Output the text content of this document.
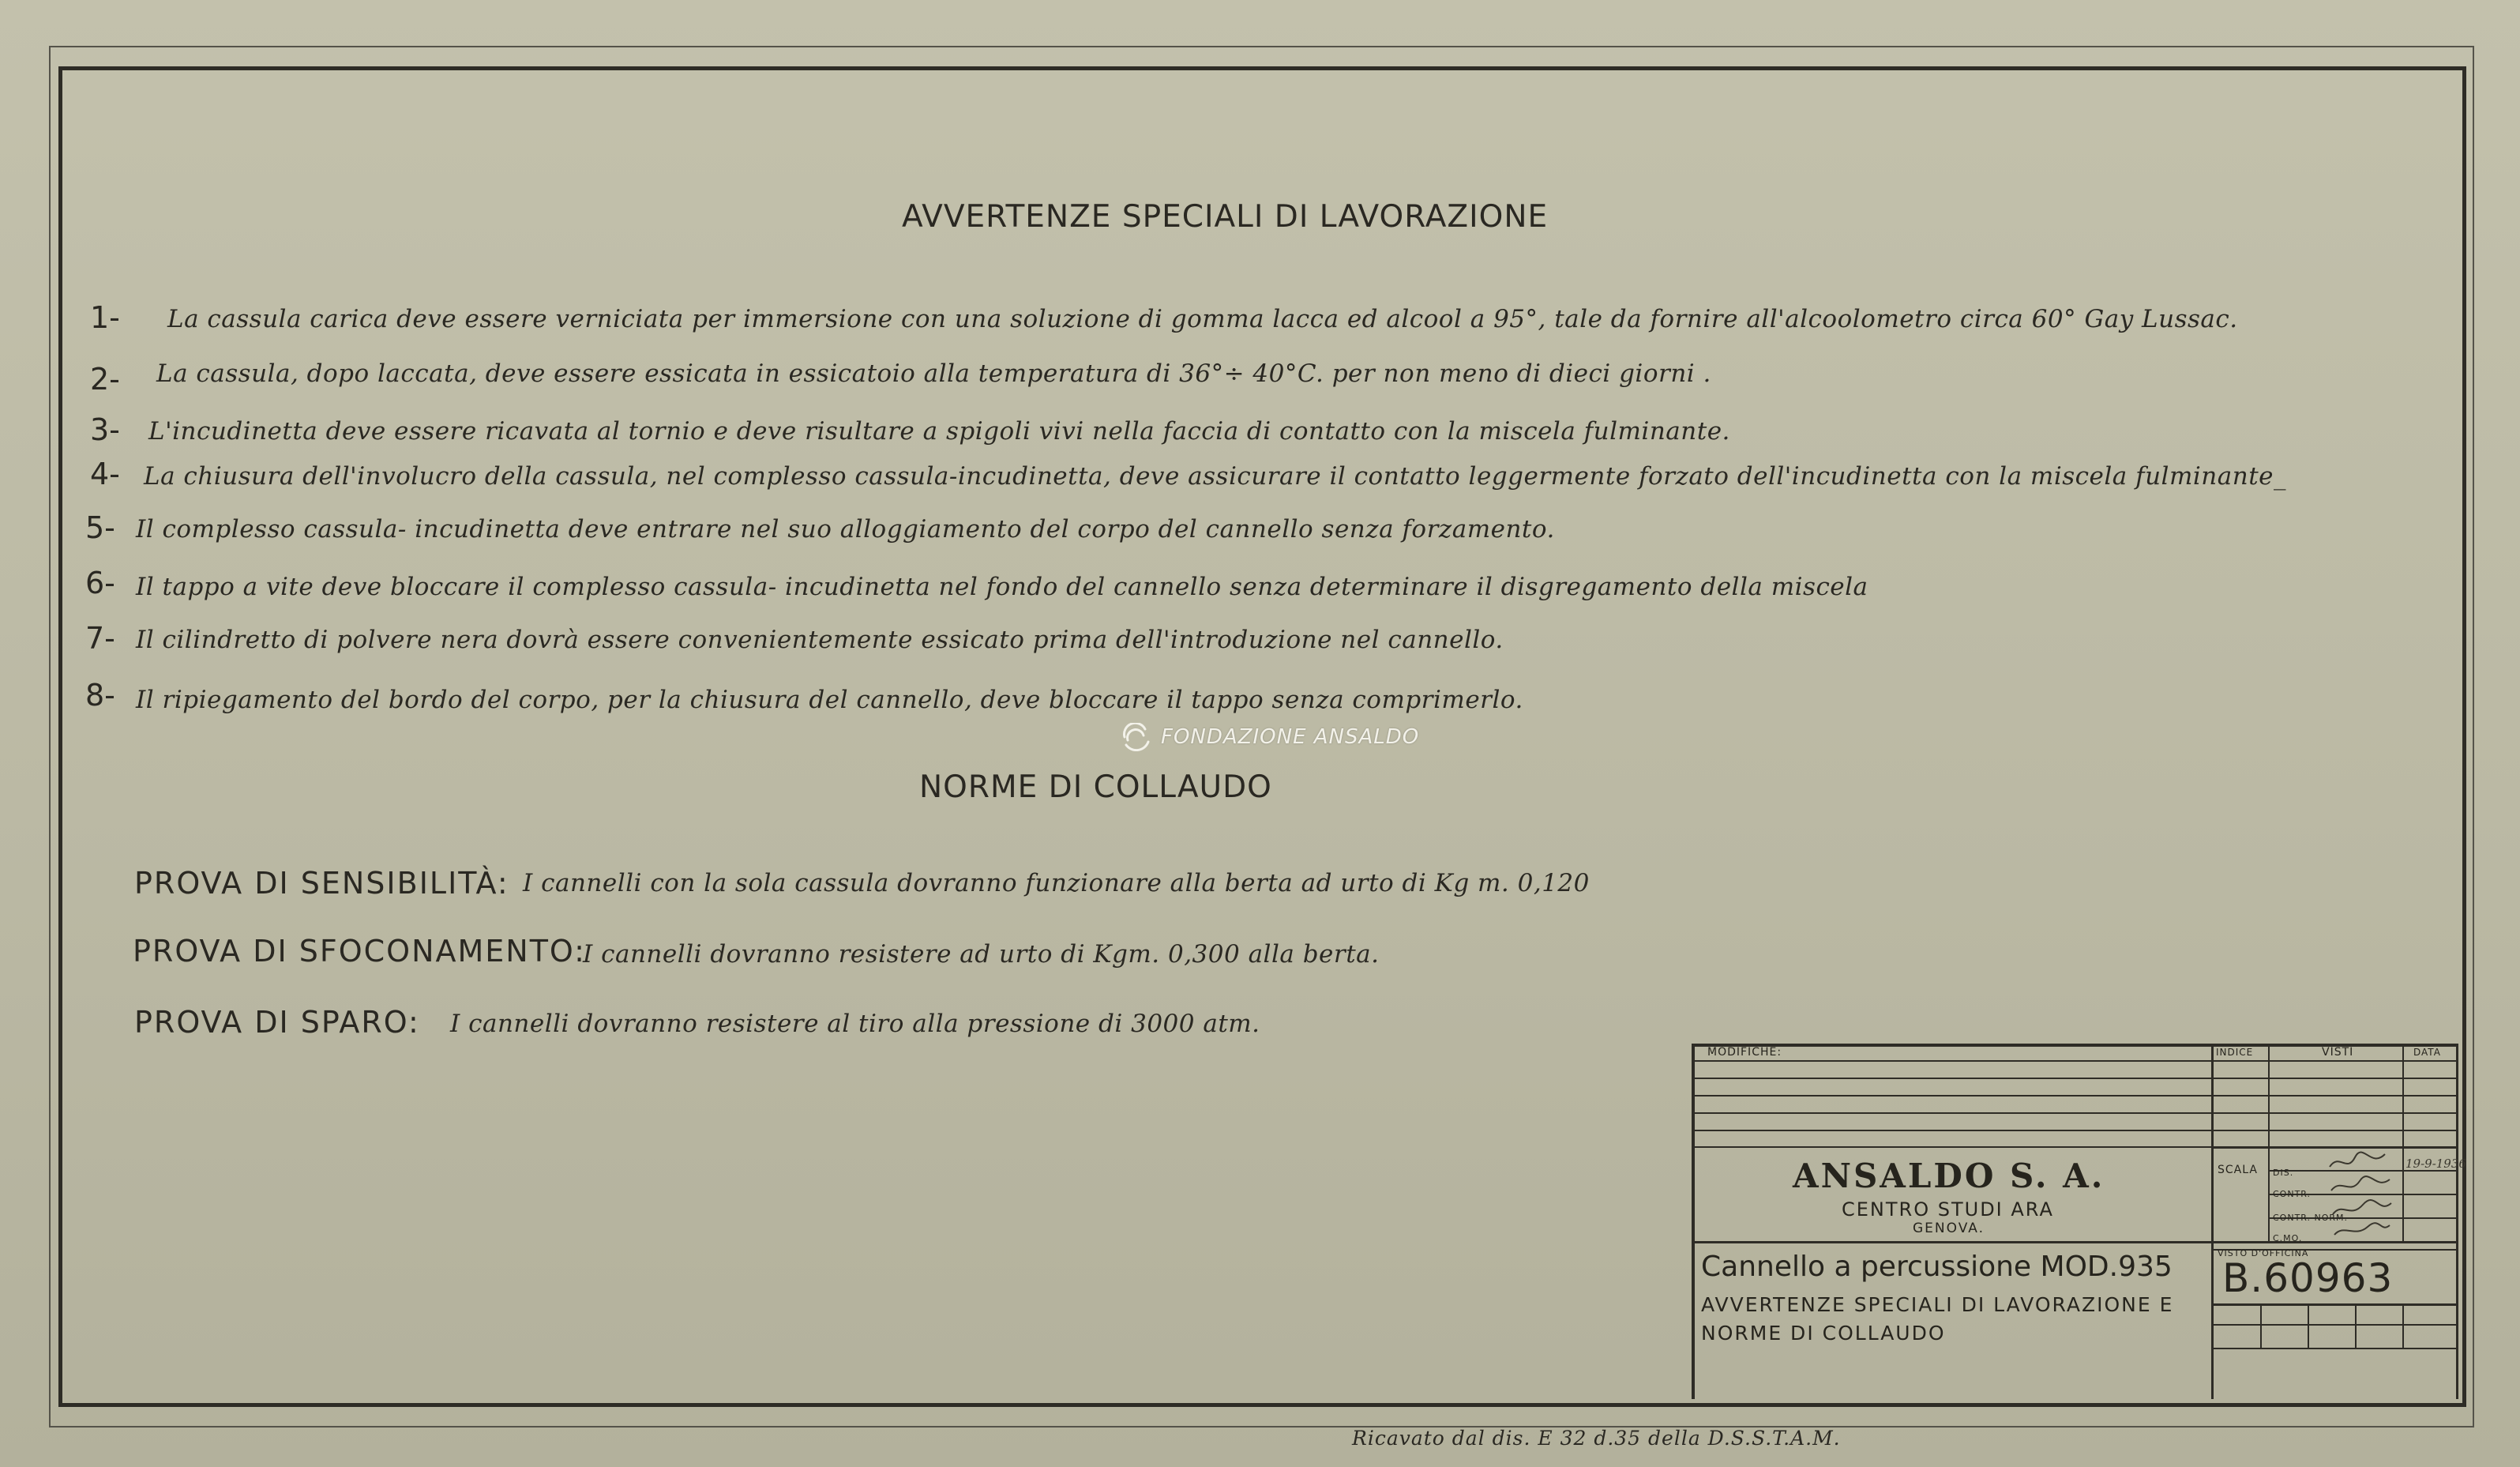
AVVERTENZE SPECIALI DI LAVORAZIONE
1- La cassula carica deve essere verniciata per immersione con una soluzione di gomma lacca ed alcool a 95°, tale da fornire all'alcoolometro circa 60° Gay Lussac.
2- La cassula, dopo laccata, deve essere essicata in essicatoio alla temperatura di 36°÷ 40°C. per non meno di dieci giorni .
3- L'incudinetta deve essere ricavata al tornio e deve risultare a spigoli vivi nella faccia di contatto con la miscela fulminante.
4- La chiusura dell'involucro della cassula, nel complesso cassula-incudinetta, deve assicurare il contatto leggermente forzato dell'incudinetta con la miscela fulminante_
5- Il complesso cassula- incudinetta deve entrare nel suo alloggiamento del corpo del cannello senza forzamento.
6- Il tappo a vite deve bloccare il complesso cassula- incudinetta nel fondo del cannello senza determinare il disgregamento della miscela
7- Il cilindretto di polvere nera dovrà essere convenientemente essicato prima dell'introduzione nel cannello.
8- Il ripiegamento del bordo del corpo, per la chiusura del cannello, deve bloccare il tappo senza comprimerlo.
FONDAZIONE ANSALDO
NORME DI COLLAUDO
PROVA DI SENSIBILITÀ: I cannelli con la sola cassula dovranno funzionare alla berta ad urto di Kg m. 0,120
PROVA DI SFOCONAMENTO:
I cannelli dovranno resistere ad urto di Kgm. 0,300 alla berta.
PROVA DI SPARO: I cannelli dovranno resistere al tiro alla pressione di 3000 atm.
MODIFICHE:	INDICE	VISTI	DATA
SCALA DIS.
CONTR.
CONTR. NORM.
C.MO.
VISTO D'OFFICINA
19-9-1936
ANSALDO S. A.
CENTRO STUDI ARA
GENOVA.
Cannello a percussione MOD.935
AVVERTENZE SPECIALI DI LAVORAZIONE E
NORME DI COLLAUDO
B.60963
Ricavato dal dis. E 32 d.35 della D.S.S.T.A.M.
